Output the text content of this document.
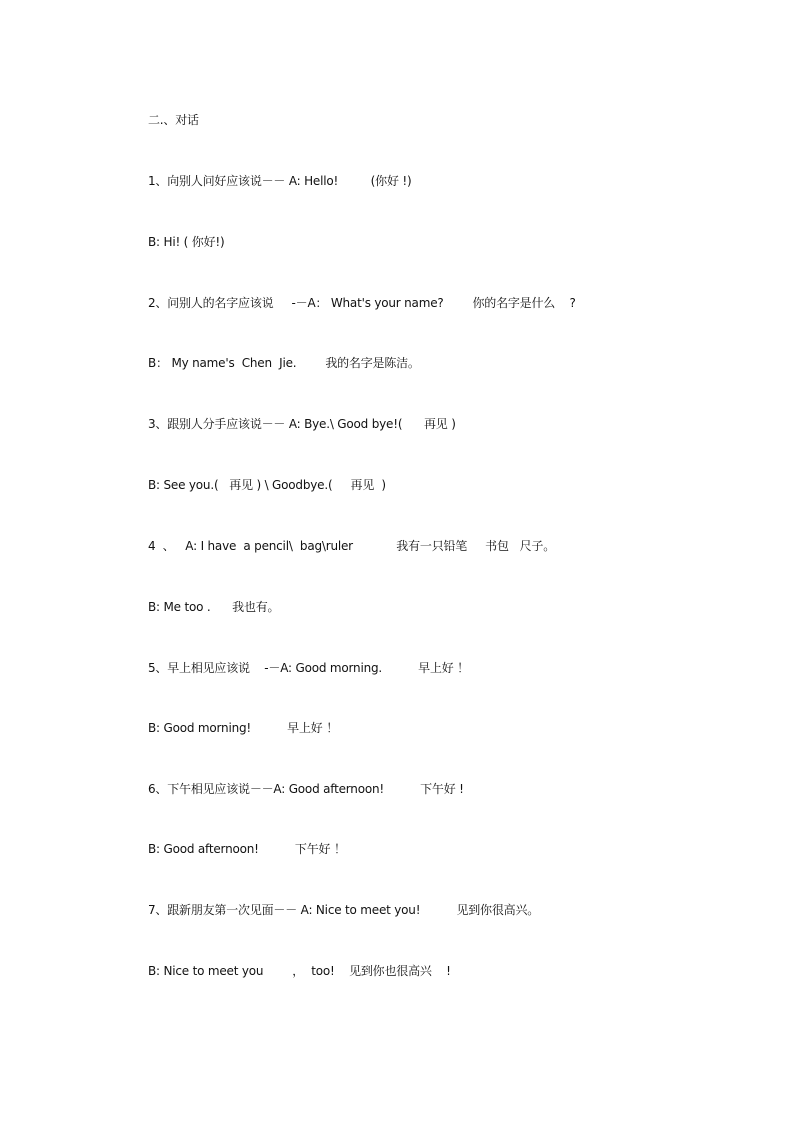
二.、对话
1、向别人问好应该说－－ A: Hello!         (你好 !)
B: Hi! ( 你好!)
2、问别人的名字应该说     -－A： What's your name?        你的名字是什么    ?
B： My name's  Chen  Jie.        我的名字是陈洁。
3、跟别人分手应该说－－ A: Bye.\ Good bye!(      再见 )
B: See you.(   再见 ) \ Goodbye.(     再见  )
4  、   A: I have  a pencil\  bag\ruler            我有一只铅笔     书包   尺子。
B: Me too .      我也有。
5、早上相见应该说    -－A: Good morning.          早上好 ！
B: Good morning!          早上好 ！
6、下午相见应该说－－A: Good afternoon!          下午好 !
B: Good afternoon!          下午好 ！
7、跟新朋友第一次见面－－ A: Nice to meet you!          见到你很高兴。
B: Nice to meet you        ，  too!    见到你也很高兴    !
